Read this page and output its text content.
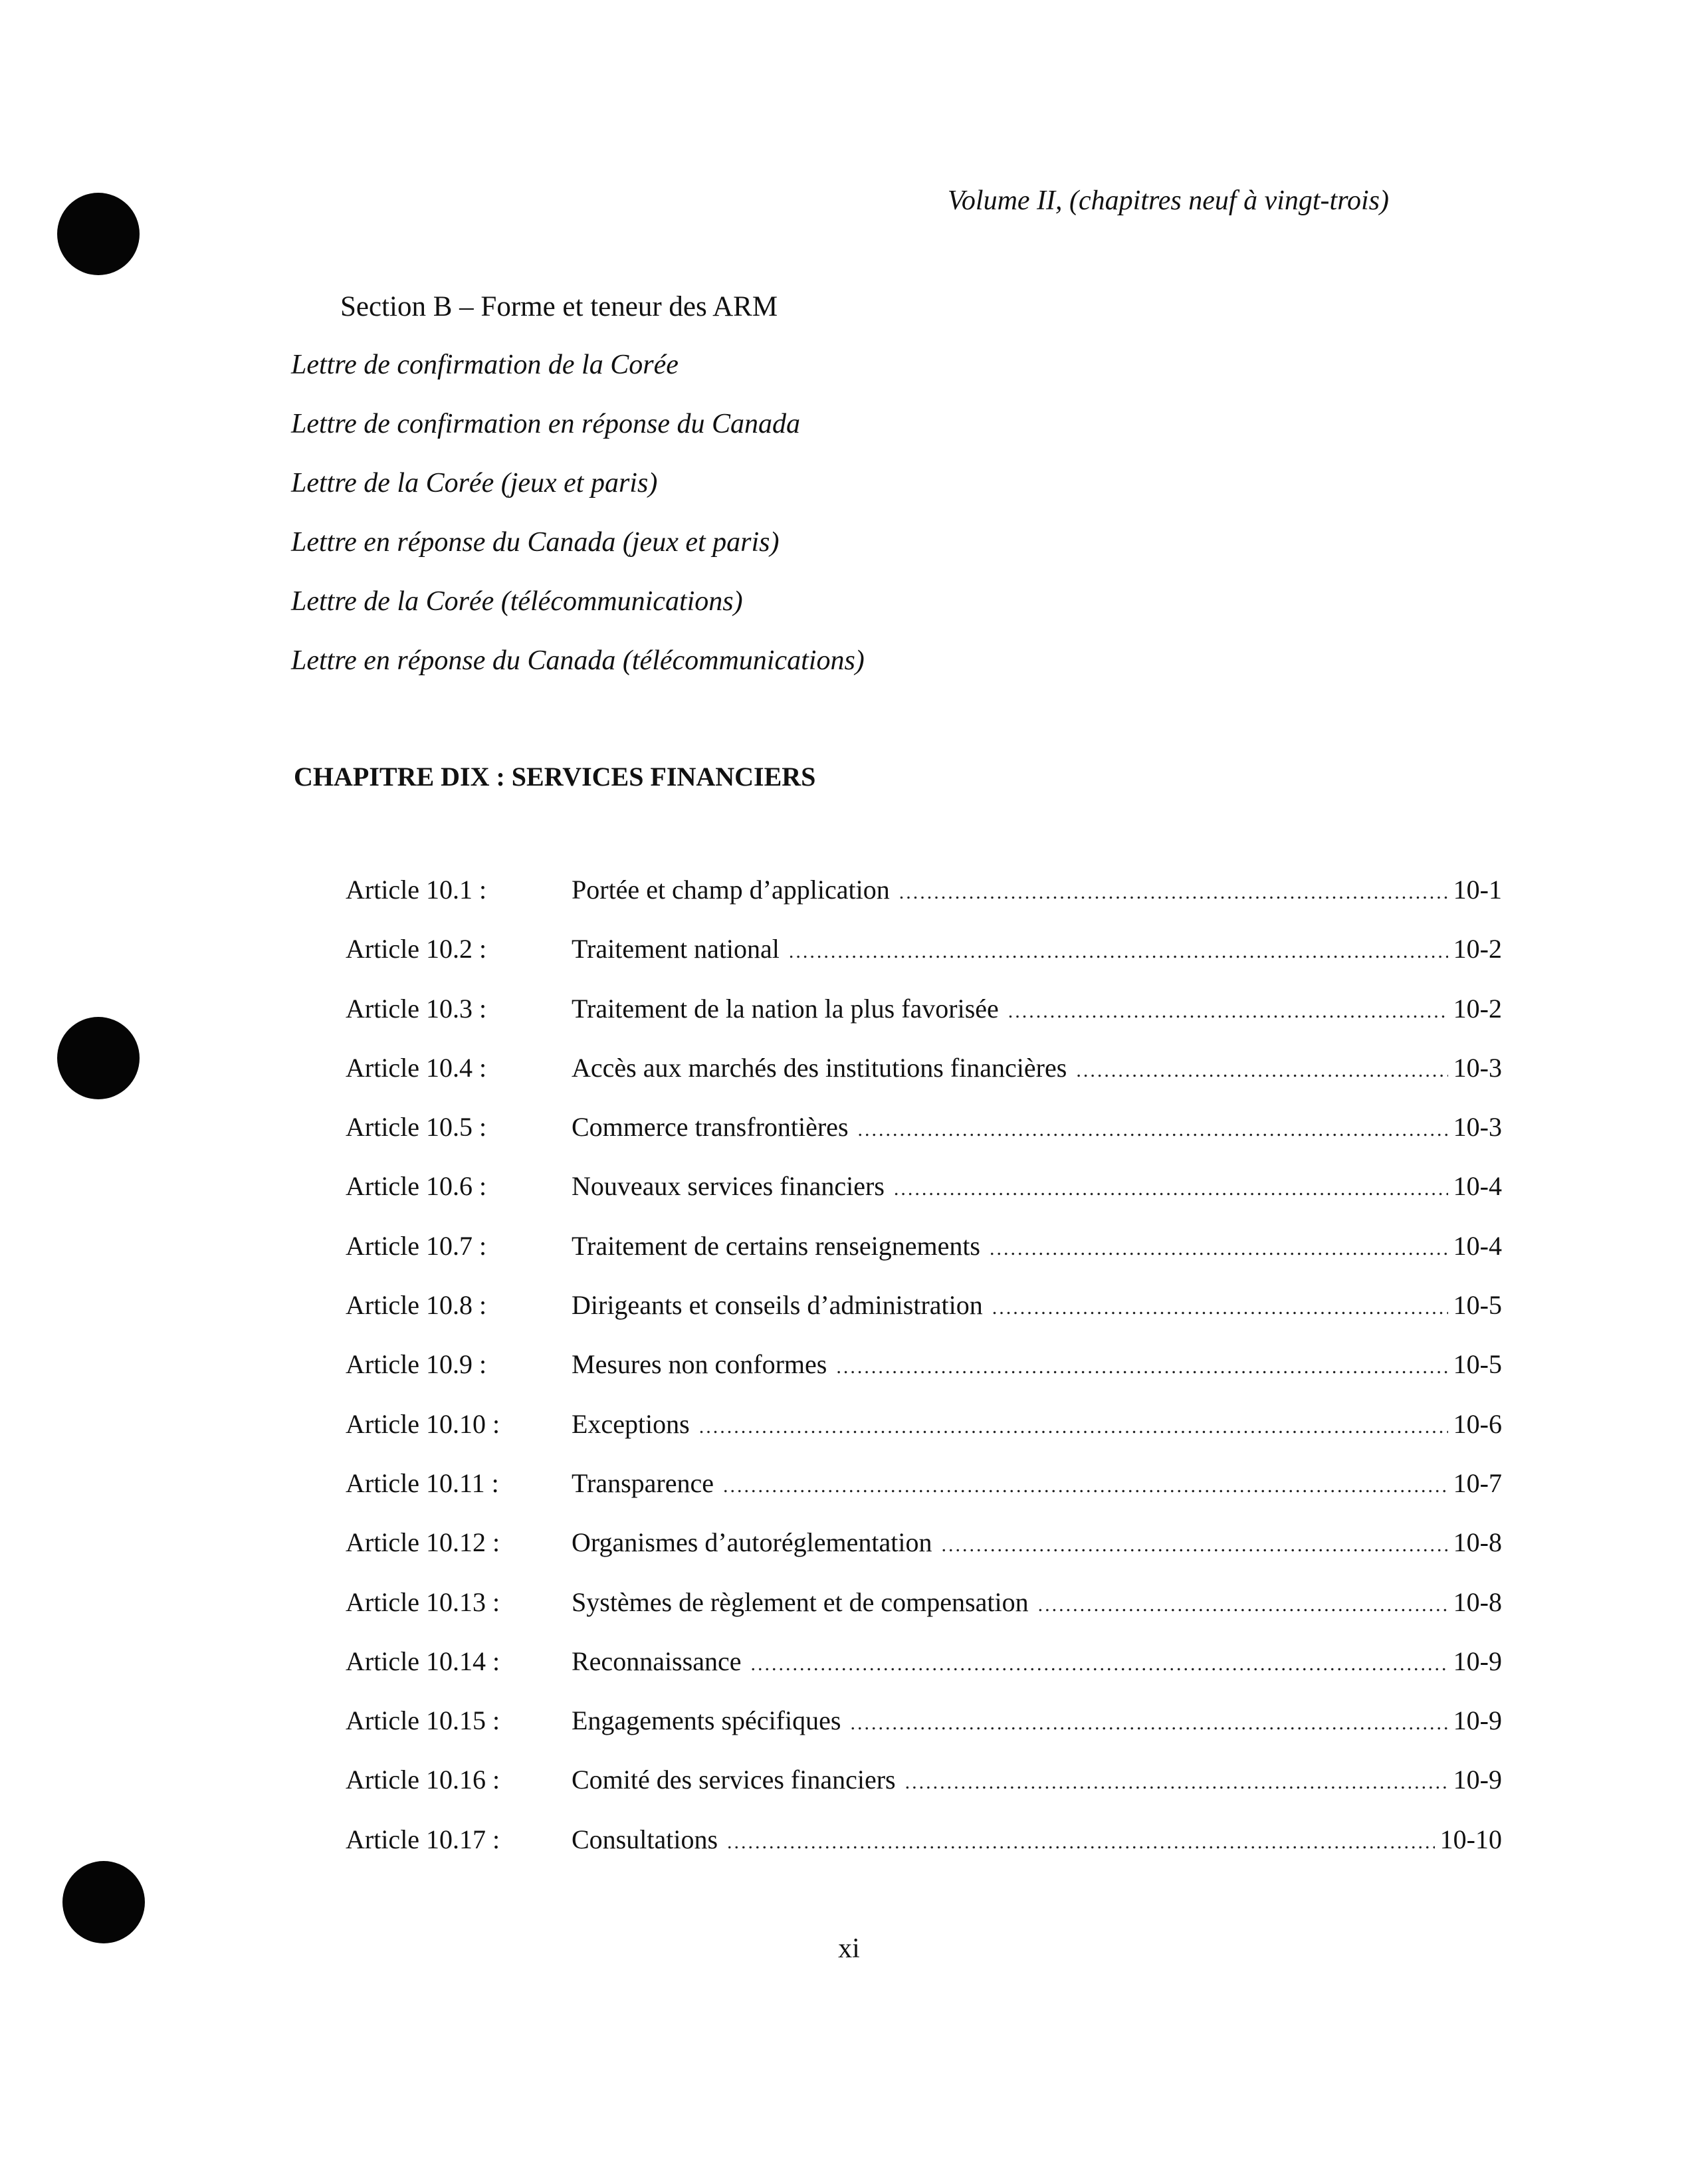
Volume II, (chapitres neuf à vingt-trois)
Section B – Forme et teneur des ARM
Lettre de confirmation de la Corée
Lettre de confirmation en réponse du Canada
Lettre de la Corée (jeux et paris)
Lettre en réponse du Canada (jeux et paris)
Lettre de la Corée (télécommunications)
Lettre en réponse du Canada (télécommunications)
CHAPITRE DIX : SERVICES FINANCIERS
Article 10.1 :	Portée et champ d’application .....	10-1
Article 10.2 :	Traitement national .....	10-2
Article 10.3 :	Traitement de la nation la plus favorisée .....	10-2
Article 10.4 :	Accès aux marchés des institutions financières .....	10-3
Article 10.5 :	Commerce transfrontières .....	10-3
Article 10.6 :	Nouveaux services financiers .....	10-4
Article 10.7 :	Traitement de certains renseignements .....	10-4
Article 10.8 :	Dirigeants et conseils d’administration .....	10-5
Article 10.9 :	Mesures non conformes .....	10-5
Article 10.10 :	Exceptions .....	10-6
Article 10.11 :	Transparence .....	10-7
Article 10.12 :	Organismes d’autoréglementation .....	10-8
Article 10.13 :	Systèmes de règlement et de compensation .....	10-8
Article 10.14 :	Reconnaissance .....	10-9
Article 10.15 :	Engagements spécifiques .....	10-9
Article 10.16 :	Comité des services financiers .....	10-9
Article 10.17 :	Consultations .....	10-10
xi
